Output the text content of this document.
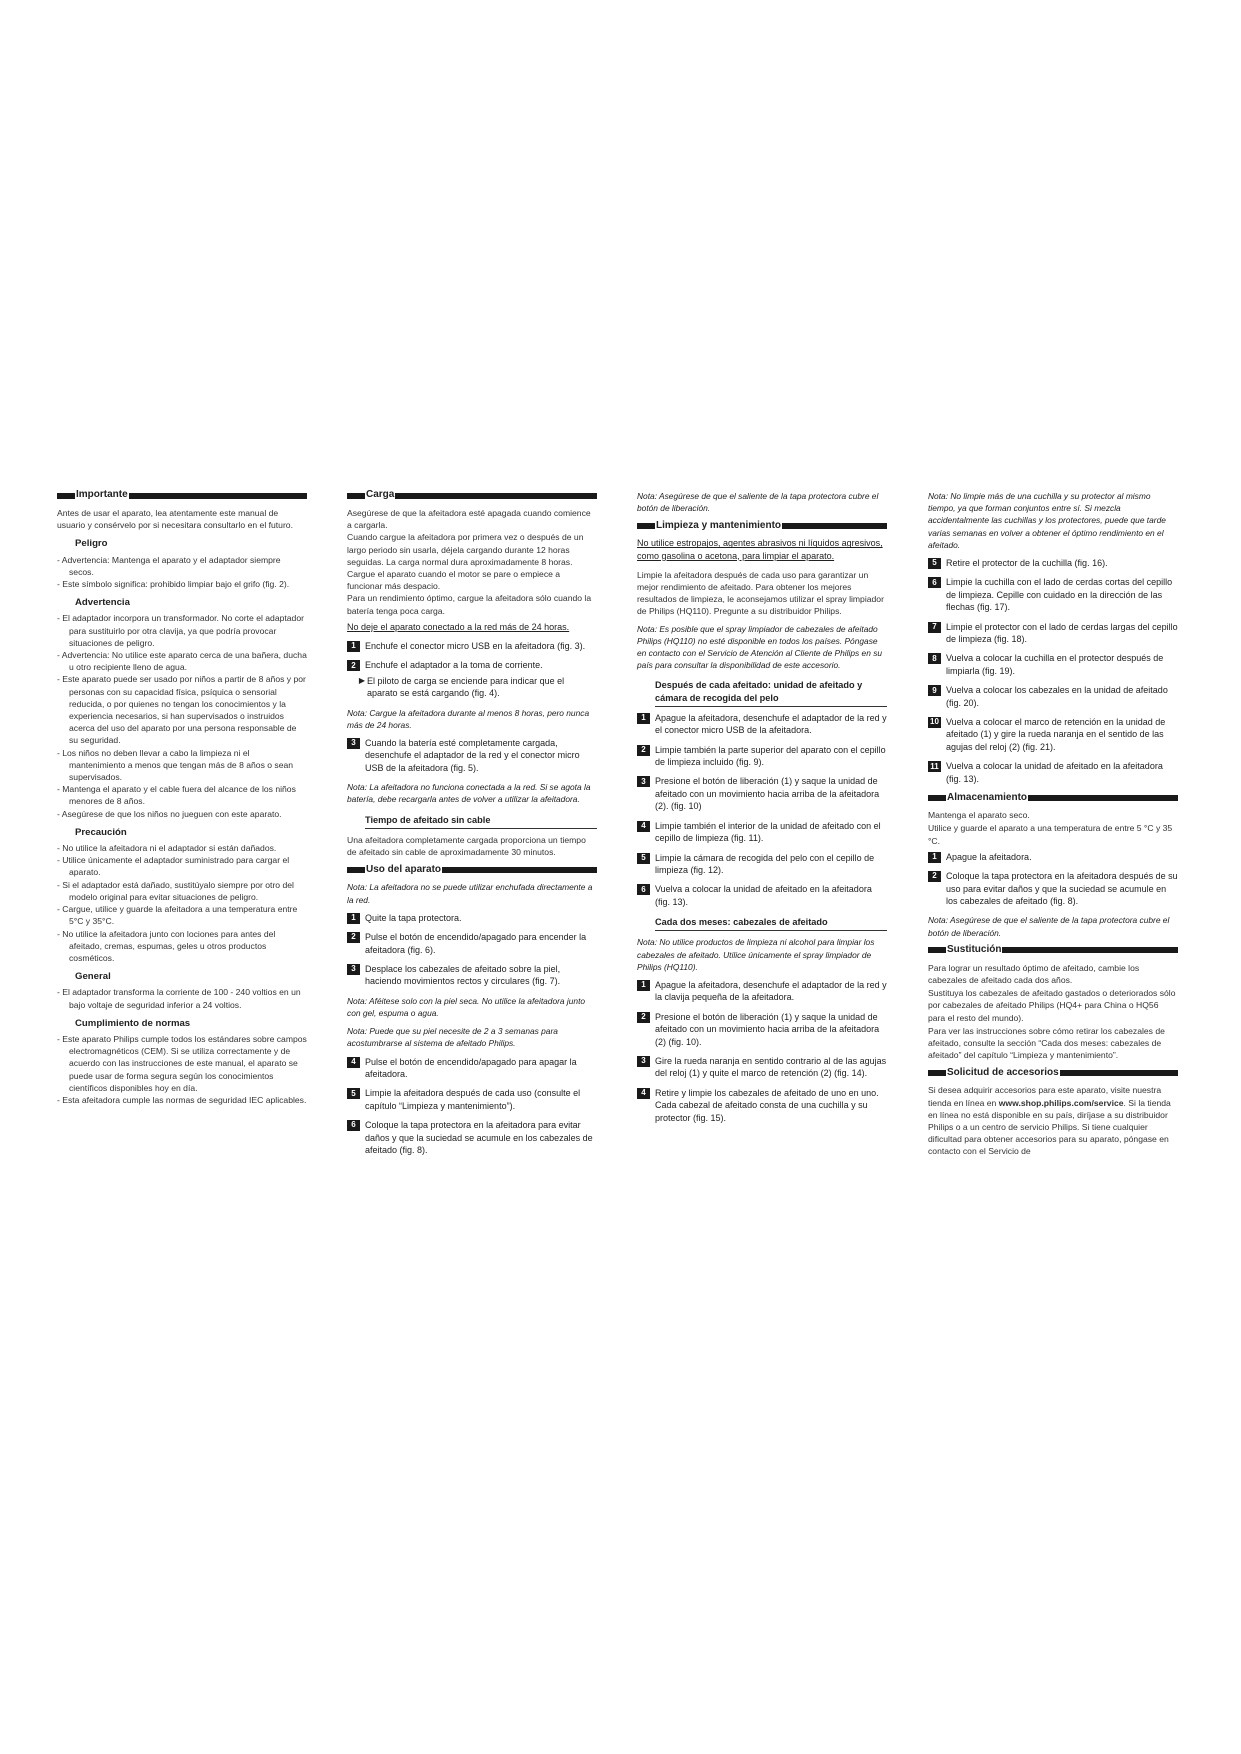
Importante
Antes de usar el aparato, lea atentamente este manual de usuario y consérvelo por si necesitara consultarlo en el futuro.
Peligro

- Advertencia: Mantenga el aparato y el adaptador siempre secos.

- Este símbolo significa: prohibido limpiar bajo el grifo (fig. 2).

Advertencia

- El adaptador incorpora un transformador. No corte el adaptador para sustituirlo por otra clavija, ya que podría provocar situaciones de peligro.

- Advertencia: No utilice este aparato cerca de una bañera, ducha u otro recipiente lleno de agua.

- Este aparato puede ser usado por niños a partir de 8 años y por personas con su capacidad física, psíquica o sensorial reducida, o por quienes no tengan los conocimientos y la experiencia necesarios, si han supervisados o instruidos acerca del uso del aparato por una persona responsable de su seguridad.

- Los niños no deben llevar a cabo la limpieza ni el mantenimiento a menos que tengan más de 8 años o sean supervisados.

- Mantenga el aparato y el cable fuera del alcance de los niños menores de 8 años.

- Asegúrese de que los niños no jueguen con este aparato.

Precaución

- No utilice la afeitadora ni el adaptador si están dañados.

- Utilice únicamente el adaptador suministrado para cargar el aparato.

- Si el adaptador está dañado, sustitúyalo siempre por otro del modelo original para evitar situaciones de peligro.

- Cargue, utilice y guarde la afeitadora a una temperatura entre 5°C y 35°C.

- No utilice la afeitadora junto con lociones para antes del afeitado, cremas, espumas, geles u otros productos cosméticos.

General

- El adaptador transforma la corriente de 100 - 240 voltios en un bajo voltaje de seguridad inferior a 24 voltios.

Cumplimiento de normas

- Este aparato Philips cumple todos los estándares sobre campos electromagnéticos (CEM). Si se utiliza correctamente y de acuerdo con las instrucciones de este manual, el aparato se puede usar de forma segura según los conocimientos científicos disponibles hoy en día.

- Esta afeitadora cumple las normas de seguridad IEC aplicables.

Carga

Asegúrese de que la afeitadora esté apagada cuando comience a cargarla.

Cuando cargue la afeitadora por primera vez o después de un largo periodo sin usarla, déjela cargando durante 12 horas seguidas. La carga normal dura aproximadamente 8 horas.

Cargue el aparato cuando el motor se pare o empiece a funcionar más despacio.

Para un rendimiento óptimo, cargue la afeitadora sólo cuando la batería tenga poca carga.

No deje el aparato conectado a la red más de 24 horas.
1	Enchufe el conector micro USB en la afeitadora (fig. 3).
2	Enchufe el adaptador a la toma de corriente.
▶ El piloto de carga se enciende para indicar que el aparato se está cargando (fig. 4).
Nota: Cargue la afeitadora durante al menos 8 horas, pero nunca más de 24 horas.
3	Cuando la batería esté completamente cargada, desenchufe el adaptador de la red y el conector micro USB de la afeitadora (fig. 5).
Nota: La afeitadora no funciona conectada a la red. Si se agota la batería, debe recargarla antes de volver a utilizar la afeitadora.
Tiempo de afeitado sin cable
Una afeitadora completamente cargada proporciona un tiempo de afeitado sin cable de aproximadamente 30 minutos.
Uso del aparato
Nota: La afeitadora no se puede utilizar enchufada directamente a la red.
1	Quite la tapa protectora.
2	Pulse el botón de encendido/apagado para encender la afeitadora (fig. 6).
3	Desplace los cabezales de afeitado sobre la piel, haciendo movimientos rectos y circulares (fig. 7).
Nota: Aféitese solo con la piel seca. No utilice la afeitadora junto con gel, espuma o agua.
Nota: Puede que su piel necesite de 2 a 3 semanas para acostumbrarse al sistema de afeitado Philips.
4	Pulse el botón de encendido/apagado para apagar la afeitadora.
5	Limpie la afeitadora después de cada uso (consulte el capítulo “Limpieza y mantenimiento”).
6	Coloque la tapa protectora en la afeitadora para evitar daños y que la suciedad se acumule en los cabezales de afeitado (fig. 8).
Nota: Asegúrese de que el saliente de la tapa protectora cubre el botón de liberación.
Limpieza y mantenimiento
No utilice estropajos, agentes abrasivos ni líquidos agresivos, como gasolina o acetona, para limpiar el aparato.
Limpie la afeitadora después de cada uso para garantizar un mejor rendimiento de afeitado. Para obtener los mejores resultados de limpieza, le aconsejamos utilizar el spray limpiador de Philips (HQ110). Pregunte a su distribuidor Philips.
Nota: Es posible que el spray limpiador de cabezales de afeitado Philips (HQ110) no esté disponible en todos los países. Póngase en contacto con el Servicio de Atención al Cliente de Philips en su país para consultar la disponibilidad de este accesorio.
Después de cada afeitado: unidad de afeitado y cámara de recogida del pelo
1	Apague la afeitadora, desenchufe el adaptador de la red y el conector micro USB de la afeitadora.
2	Limpie también la parte superior del aparato con el cepillo de limpieza incluido (fig. 9).
3	Presione el botón de liberación (1) y saque la unidad de afeitado con un movimiento hacia arriba de la afeitadora (2). (fig. 10)
4	Limpie también el interior de la unidad de afeitado con el cepillo de limpieza (fig. 11).
5	Limpie la cámara de recogida del pelo con el cepillo de limpieza (fig. 12).
6	Vuelva a colocar la unidad de afeitado en la afeitadora (fig. 13).
Cada dos meses: cabezales de afeitado
Nota: No utilice productos de limpieza ni alcohol para limpiar los cabezales de afeitado. Utilice únicamente el spray limpiador de Philips (HQ110).
1	Apague la afeitadora, desenchufe el adaptador de la red y la clavija pequeña de la afeitadora.
2	Presione el botón de liberación (1) y saque la unidad de afeitado con un movimiento hacia arriba de la afeitadora (2) (fig. 10).
3	Gire la rueda naranja en sentido contrario al de las agujas del reloj (1) y quite el marco de retención (2) (fig. 14).
4	Retire y limpie los cabezales de afeitado de uno en uno. Cada cabezal de afeitado consta de una cuchilla y su protector (fig. 15).
Nota: No limpie más de una cuchilla y su protector al mismo tiempo, ya que forman conjuntos entre sí. Si mezcla accidentalmente las cuchillas y los protectores, puede que tarde varias semanas en volver a obtener el óptimo rendimiento en el afeitado.
5	Retire el protector de la cuchilla (fig. 16).
6	Limpie la cuchilla con el lado de cerdas cortas del cepillo de limpieza. Cepille con cuidado en la dirección de las flechas (fig. 17).
7	Limpie el protector con el lado de cerdas largas del cepillo de limpieza (fig. 18).
8	Vuelva a colocar la cuchilla en el protector después de limpiarla (fig. 19).
9	Vuelva a colocar los cabezales en la unidad de afeitado (fig. 20).
10 Vuelva a colocar el marco de retención en la unidad de afeitado (1) y gire la rueda naranja en el sentido de las agujas del reloj (2) (fig. 21).
11 Vuelva a colocar la unidad de afeitado en la afeitadora (fig. 13).
Almacenamiento
Mantenga el aparato seco.
Utilice y guarde el aparato a una temperatura de entre 5 °C y 35 °C.
1	Apague la afeitadora.
2	Coloque la tapa protectora en la afeitadora después de su uso para evitar daños y que la suciedad se acumule en los cabezales de afeitado (fig. 8).
Nota: Asegúrese de que el saliente de la tapa protectora cubre el botón de liberación.
Sustitución
Para lograr un resultado óptimo de afeitado, cambie los cabezales de afeitado cada dos años.
Sustituya los cabezales de afeitado gastados o deteriorados sólo por cabezales de afeitado Philips (HQ4+ para China o HQ56 para el resto del mundo).
Para ver las instrucciones sobre cómo retirar los cabezales de afeitado, consulte la sección “Cada dos meses: cabezales de afeitado” del capítulo “Limpieza y mantenimiento”.
Solicitud de accesorios
Si desea adquirir accesorios para este aparato, visite nuestra tienda en línea en www.shop.philips.com/service. Si la tienda en línea no está disponible en su país, diríjase a su distribuidor Philips o a un centro de servicio Philips. Si tiene cualquier dificultad para obtener accesorios para su aparato, póngase en contacto con el Servicio de
